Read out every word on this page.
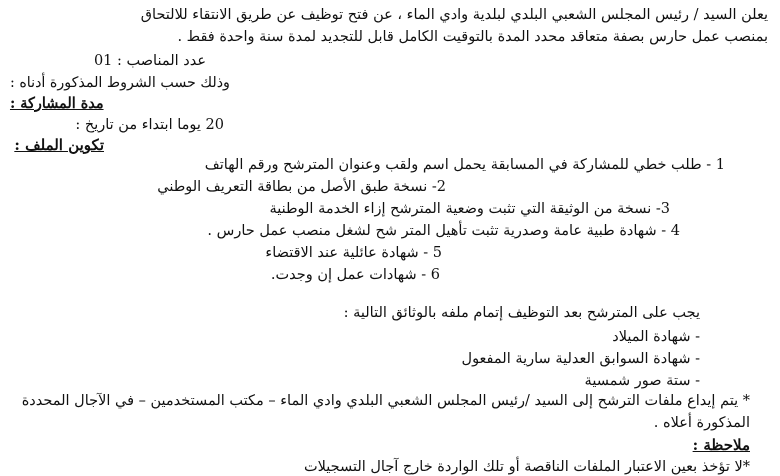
يعلن السيد / رئيس المجلس الشعبي البلدي لبلدية وادي الماء ، عن فتح توظيف عن طريق الانتقاء للالتحاق
بمنصب عمل حارس بصفة متعاقد محدد المدة بالتوقيت الكامل قابل للتجديد لمدة سنة واحدة فقط .
عدد المناصب : 01
وذلك حسب الشروط المذكورة أدناه :
مدة المشاركة :
20 يوما ابتداء من تاريخ :
تكوين الملف :
1 - طلب خطي للمشاركة في المسابقة يحمل اسم ولقب وعنوان المترشح ورقم الهاتف
2- نسخة طبق الأصل من بطاقة التعريف الوطني
3- نسخة من الوثيقة التي تثبت وضعية المترشح إزاء الخدمة الوطنية
4 - شهادة طبية عامة وصدرية تثبت تأهيل المتر شح لشغل منصب عمل حارس .
5 - شهادة عائلية عند الاقتضاء
6 - شهادات عمل إن وجدت.
يجب على المترشح بعد التوظيف إتمام ملفه بالوثائق التالية :
- شهادة الميلاد
- شهادة السوابق العدلية سارية المفعول
- ستة صور شمسية
* يتم إيداع ملفات الترشح إلى السيد /رئيس المجلس الشعبي البلدي وادي الماء – مكتب المستخدمين – في الآجال المحددة
المذكورة أعلاه .
ملاحظة :
*لا تؤخذ بعين الاعتبار الملفات الناقصة أو تلك الواردة خارج آجال التسجيلات
